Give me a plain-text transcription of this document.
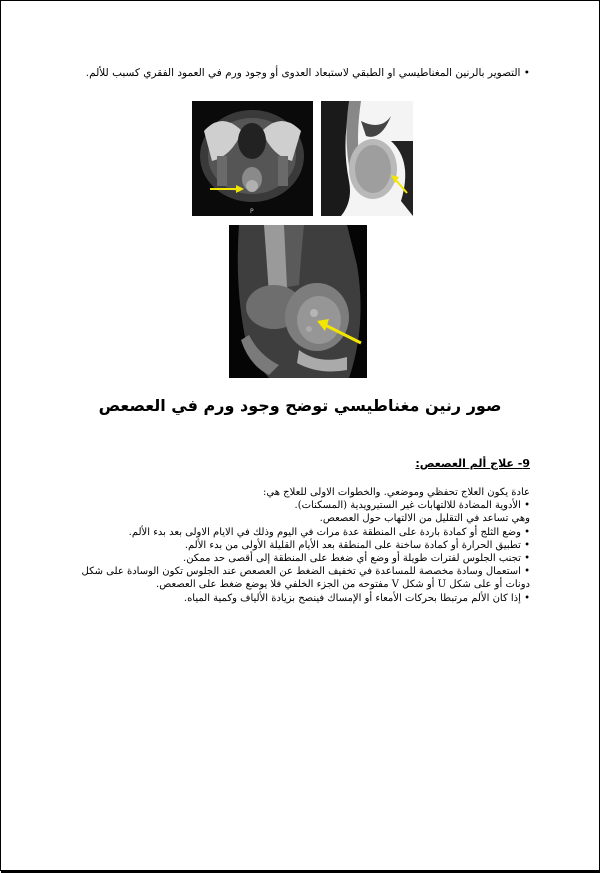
• التصوير بالرنين المغناطيسي او الطبقي لاستبعاد العدوى أو وجود ورم في العمود الفقري كسبب للألم.
P
صور رنين مغناطيسي توضح وجود ورم في العصعص
9- علاج ألم العصعص:
عادة يكون العلاج تحفظي وموضعي. والخطوات الاولى للعلاج هي:
• الأدوية المضادة للالتهابات غير الستيرويدية (المسكنات).
وهي تساعد في التقليل من الالتهاب حول العصعص.
• وضع الثلج أو كمادة باردة على المنطقة عدة مرات في اليوم وذلك في الايام الاولى بعد بدء الألم.
• تطبيق الحرارة أو كمادة ساخنة على المنطقة بعد الأيام القليلة الأولى من بدء الألم.
• تجنب الجلوس لفترات طويلة أو وضع أي ضغط على المنطقة إلى أقصى حد ممكن.
• استعمال وسادة مخصصة للمساعدة في تخفيف الضغط عن العصعص عند الجلوس تكون الوسادة على شكل
دونات أو على شكل U أو شكل V مفتوحه من الجزء الخلفي فلا يوضع ضغط على العصعص.
• إذا كان الألم مرتبطا بحركات الأمعاء أو الإمساك فينصح بزيادة الألياف وكمية المياه.
